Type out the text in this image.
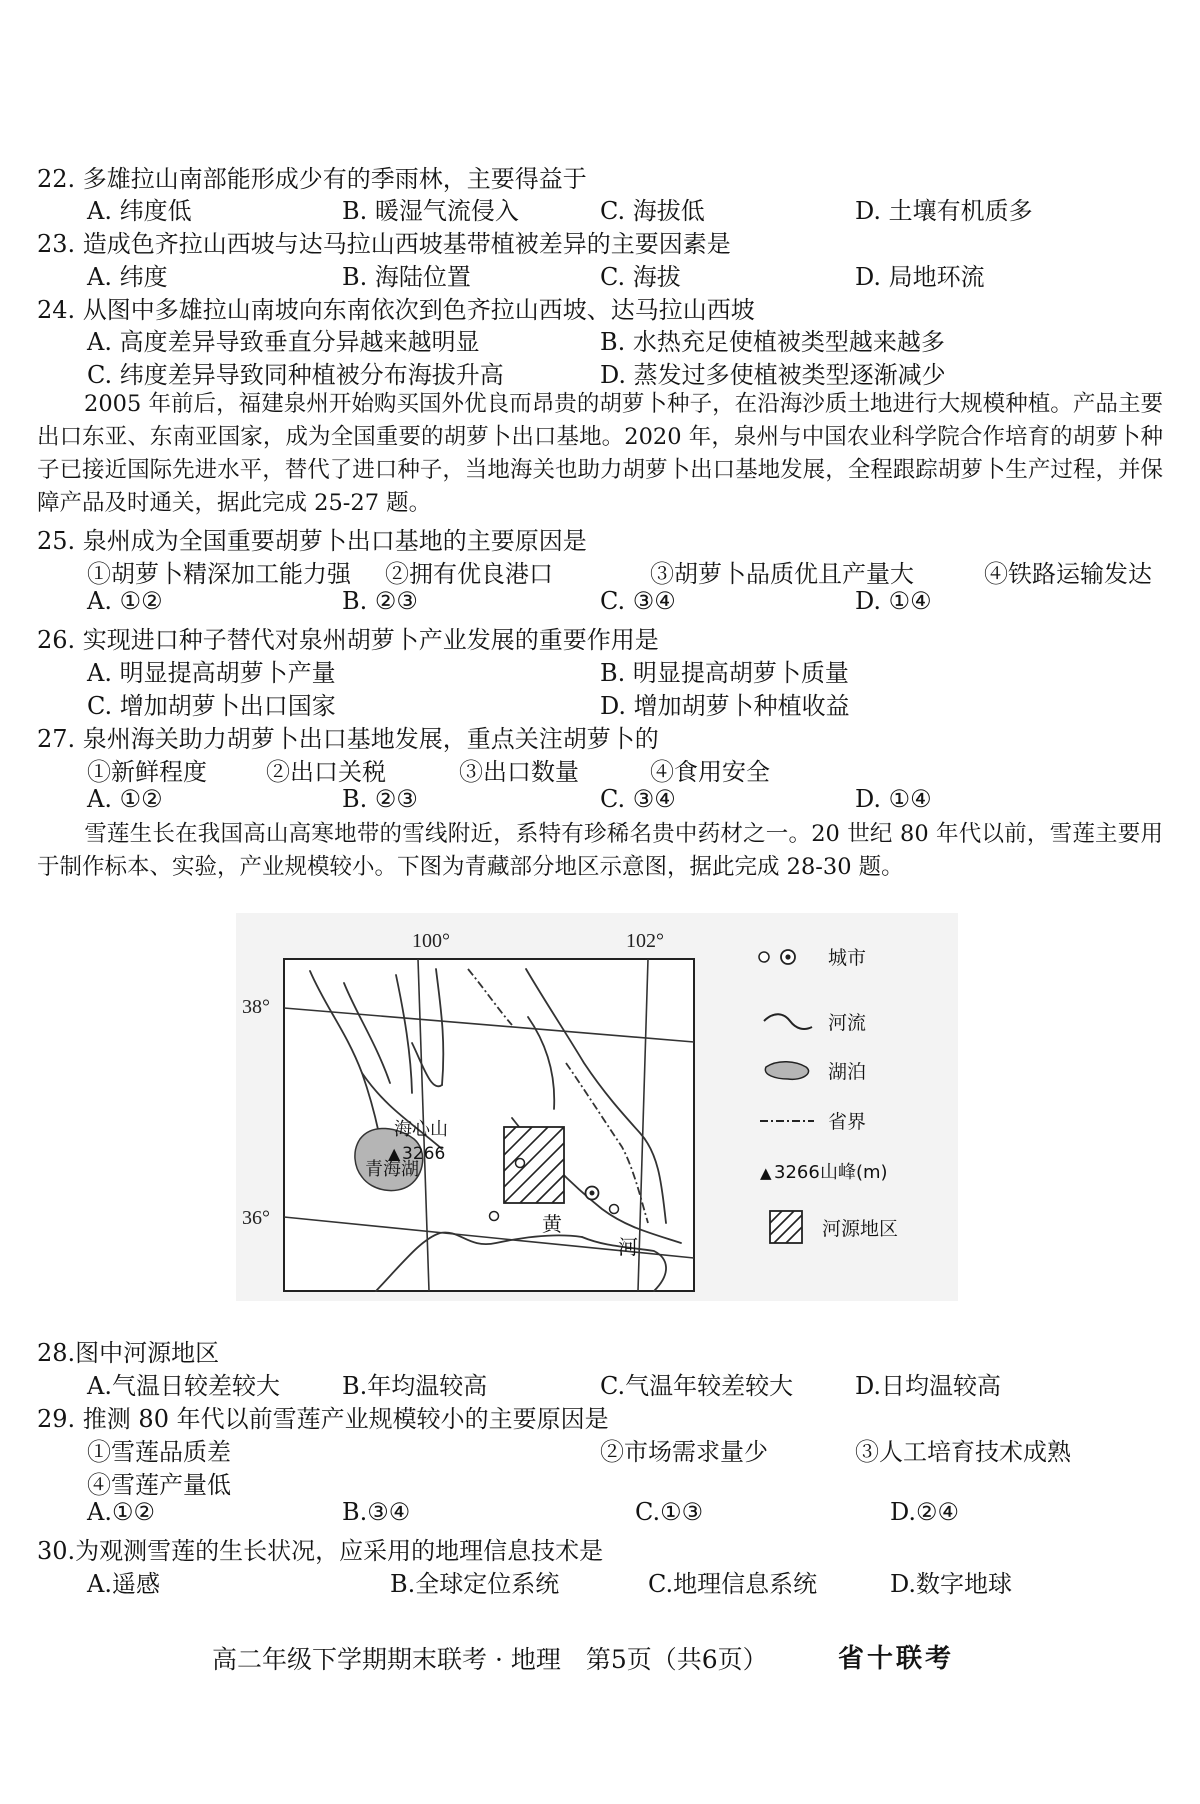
22. 多雄拉山南部能形成少有的季雨林，主要得益于
A. 纬度低	B. 暖湿气流侵入	C. 海拔低	D. 土壤有机质多
23. 造成色齐拉山西坡与达马拉山西坡基带植被差异的主要因素是
A. 纬度	B. 海陆位置	C. 海拔	D. 局地环流
24. 从图中多雄拉山南坡向东南依次到色齐拉山西坡、达马拉山西坡
A. 高度差异导致垂直分异越来越明显	B. 水热充足使植被类型越来越多
C. 纬度差异导致同种植被分布海拔升高	D. 蒸发过多使植被类型逐渐减少
2005 年前后，福建泉州开始购买国外优良而昂贵的胡萝卜种子，在沿海沙质土地进行大规模种植。产品主要出口东亚、东南亚国家，成为全国重要的胡萝卜出口基地。2020 年，泉州与中国农业科学院合作培育的胡萝卜种子已接近国际先进水平，替代了进口种子，当地海关也助力胡萝卜出口基地发展，全程跟踪胡萝卜生产过程，并保障产品及时通关，据此完成 25-27 题。
25. 泉州成为全国重要胡萝卜出口基地的主要原因是
①胡萝卜精深加工能力强 ②拥有优良港口	③胡萝卜品质优且产量大	④铁路运输发达
A. ①②	B. ②③	C. ③④	D. ①④
26. 实现进口种子替代对泉州胡萝卜产业发展的重要作用是
A. 明显提高胡萝卜产量	B. 明显提高胡萝卜质量
C. 增加胡萝卜出口国家	D. 增加胡萝卜种植收益
27. 泉州海关助力胡萝卜出口基地发展，重点关注胡萝卜的
①新鲜程度 ②出口关税	③出口数量	④食用安全
A. ①②	B. ②③	C. ③④	D. ①④
雪莲生长在我国高山高寒地带的雪线附近，系特有珍稀名贵中药材之一。20 世纪 80 年代以前，雪莲主要用于制作标本、实验，产业规模较小。下图为青藏部分地区示意图，据此完成 28-30 题。
100°	102°
38°
36°
青海湖
海心山
▲ 3266
黄
河
城市
河流
湖泊
省界
▲ 3266 山峰(m)
河源地区
28.图中河源地区
A.气温日较差较大	B.年均温较高	C.气温年较差较大	D.日均温较高
29. 推测 80 年代以前雪莲产业规模较小的主要原因是
①雪莲品质差	②市场需求量少	③人工培育技术成熟
④雪莲产量低
A.①②	B.③④	C.①③	D.②④
30.为观测雪莲的生长状况，应采用的地理信息技术是
A.遥感	B.全球定位系统	C.地理信息系统	D.数字地球
高二年级下学期期末联考 · 地理　第5页（共6页）	省十联考
